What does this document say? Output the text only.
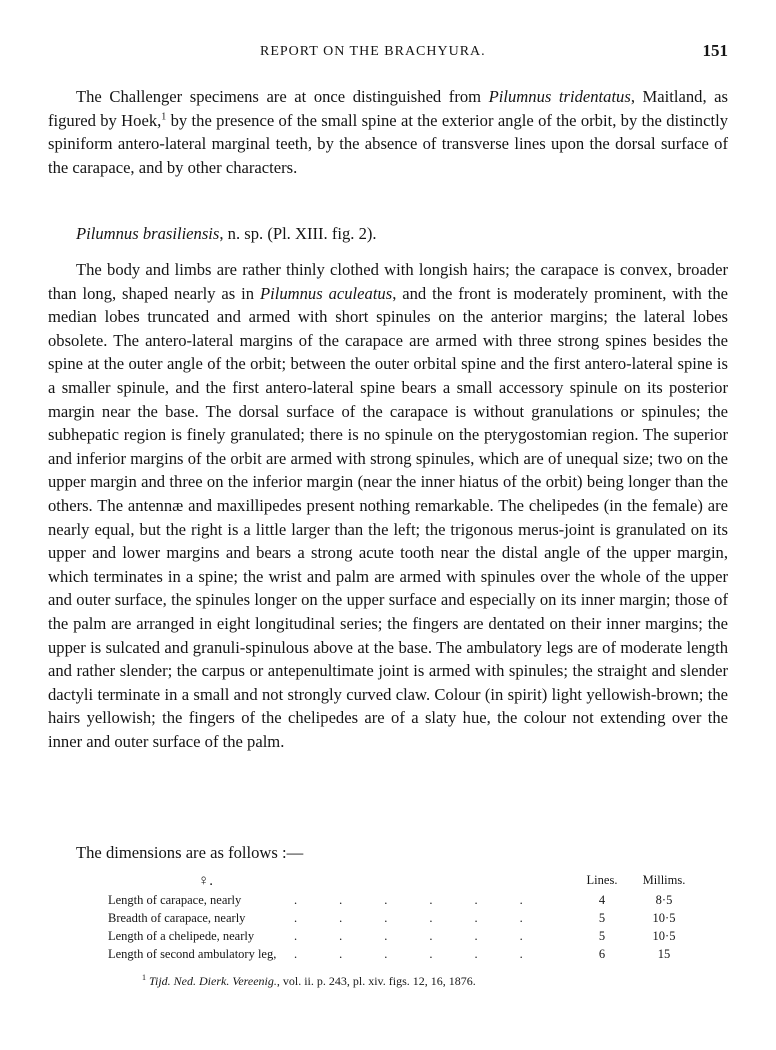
REPORT ON THE BRACHYURA.	151

The Challenger specimens are at once distinguished from Pilumnus tridentatus, Maitland, as figured by Hoek,$^1$ by the presence of the small spine at the exterior angle of the orbit, by the distinctly spiniform antero-lateral marginal teeth, by the absence of transverse lines upon the dorsal surface of the carapace, and by other characters.

Pilumnus brasiliensis, n. sp. (Pl. XIII. fig. 2).

The body and limbs are rather thinly clothed with longish hairs; the carapace is convex, broader than long, shaped nearly as in Pilumnus aculeatus, and the front is moderately prominent, with the median lobes truncated and armed with short spinules on the anterior margins; the lateral lobes obsolete. The antero-lateral margins of the carapace are armed with three strong spines besides the spine at the outer angle of the orbit; between the outer orbital spine and the first antero-lateral spine is a smaller spinule, and the first antero-lateral spine bears a small accessory spinule on its posterior margin near the base. The dorsal surface of the carapace is without granulations or spinules; the subhepatic region is finely granulated; there is no spinule on the pterygostomian region. The superior and inferior margins of the orbit are armed with strong spinules, which are of unequal size; two on the upper margin and three on the inferior margin (near the inner hiatus of the orbit) being longer than the others. The antennæ and maxillipedes present nothing remarkable. The chelipedes (in the female) are nearly equal, but the right is a little larger than the left; the trigonous merus-joint is granulated on its upper and lower margins and bears a strong acute tooth near the distal angle of the upper margin, which terminates in a spine; the wrist and palm are armed with spinules over the whole of the upper and outer surface, the spinules longer on the upper surface and especially on its inner margin; those of the palm are arranged in eight longitudinal series; the fingers are dentated on their inner margins; the upper is sulcated and granuli-spinulous above at the base. The ambulatory legs are of moderate length and rather slender; the carpus or antepenultimate joint is armed with spinules; the straight and slender dactyli terminate in a small and not strongly curved claw. Colour (in spirit) light yellowish-brown; the hairs yellowish; the fingers of the chelipedes are of a slaty hue, the colour not extending over the inner and outer surface of the palm.

The dimensions are as follows :—

♀.	Lines.	Millims.
Length of carapace, nearly	......	4	8·5
Breadth of carapace, nearly	......	5	10·5
Length of a chelipede, nearly	......	5	10·5
Length of second ambulatory leg, ......	6	15
$^1$ Tijd. Ned. Dierk. Vereenig., vol. ii. p. 243, pl. xiv. figs. 12, 16, 1876.
